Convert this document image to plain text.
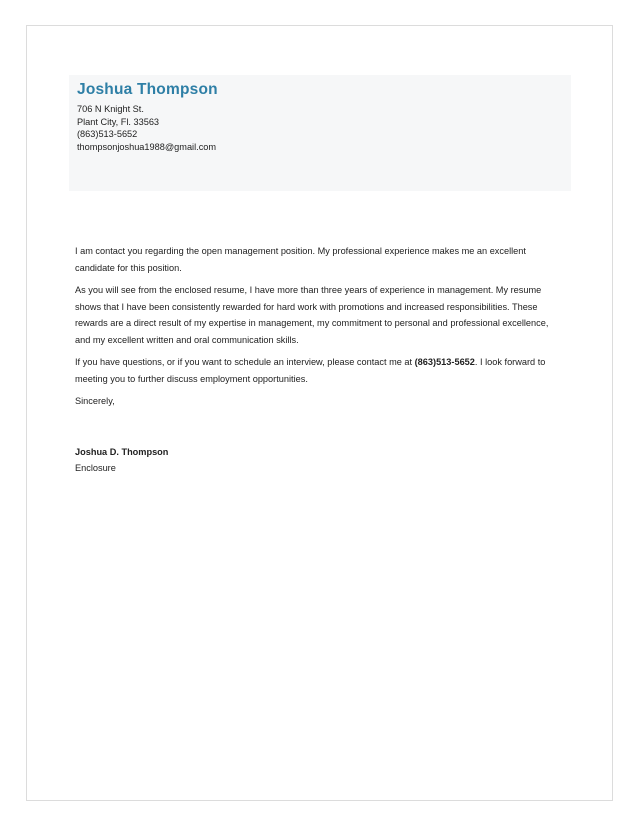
Joshua Thompson
706 N Knight St.
Plant City, Fl. 33563
(863)513-5652
thompsonjoshua1988@gmail.com

I am contact you regarding the open management position. My professional experience makes me an excellent candidate for this position.

As you will see from the enclosed resume, I have more than three years of experience in management. My resume shows that I have been consistently rewarded for hard work with promotions and increased responsibilities. These rewards are a direct result of my expertise in management, my commitment to personal and professional excellence, and my excellent written and oral communication skills.

If you have questions, or if you want to schedule an interview, please contact me at (863)513-5652. I look forward to meeting you to further discuss employment opportunities.

Sincerely,

Joshua D. Thompson
Enclosure
